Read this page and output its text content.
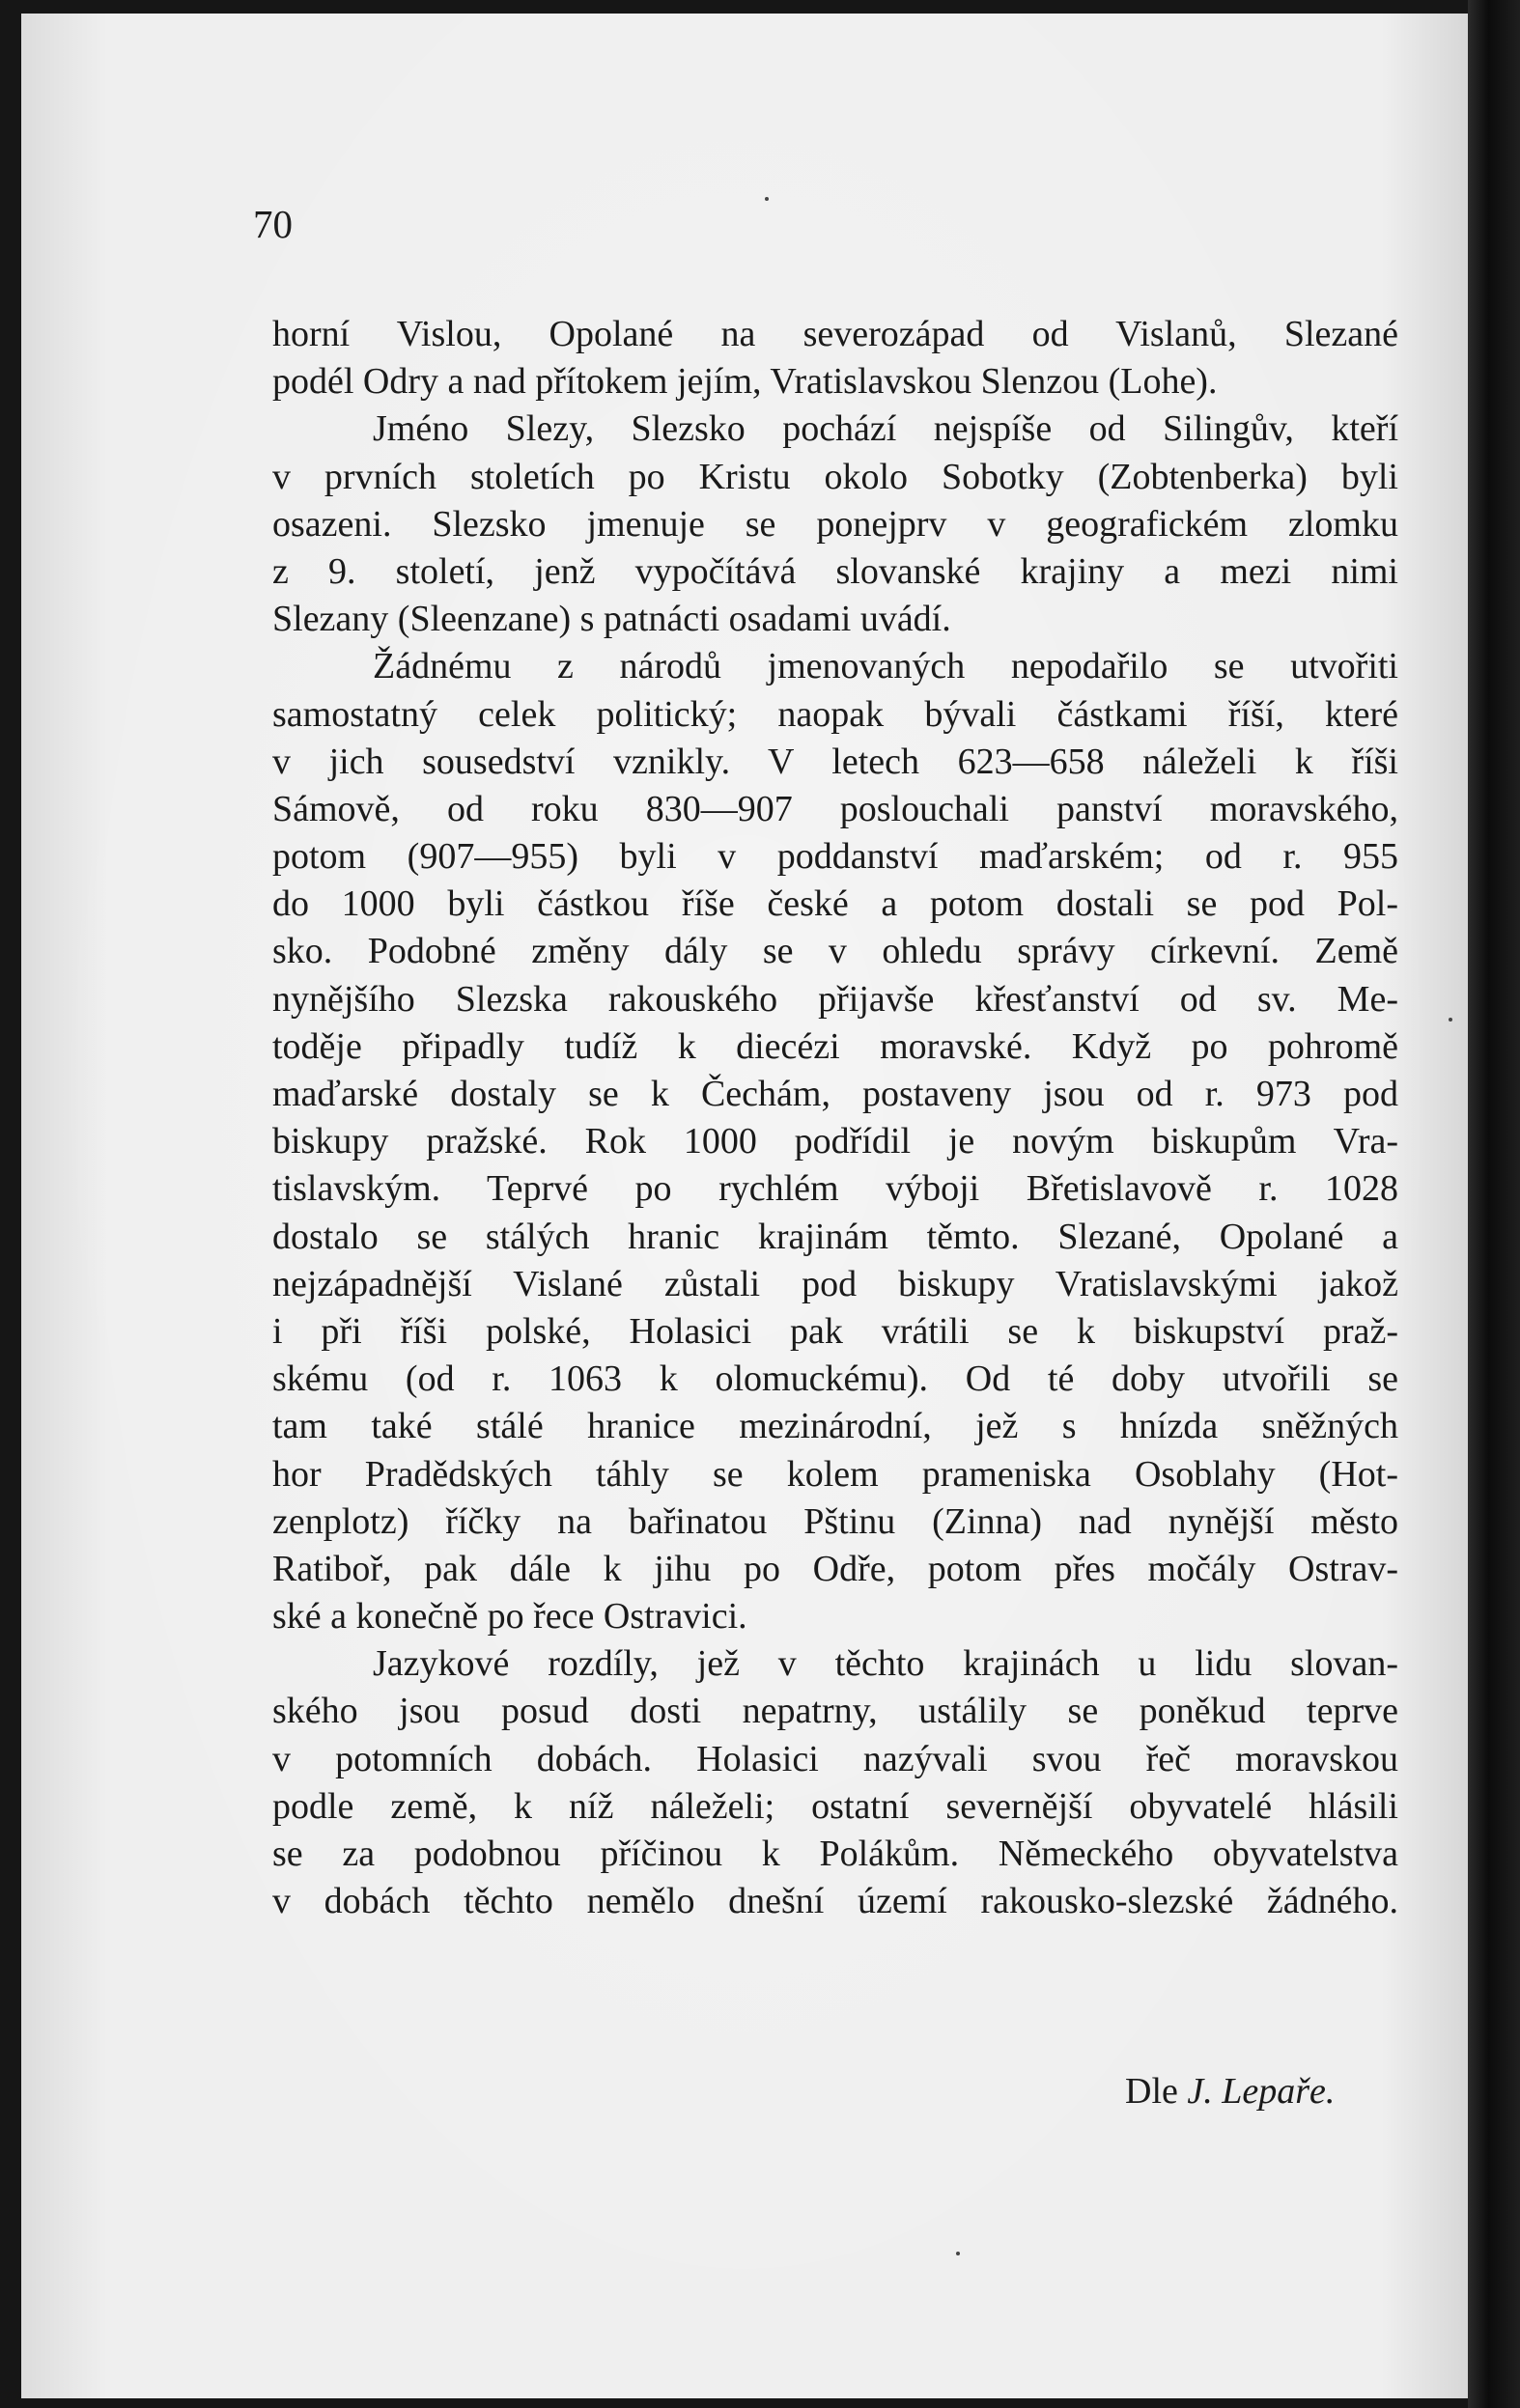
70
horní Vislou, Opolané na severozápad od Vislanů, Slezané
podél Odry a nad přítokem jejím, Vratislavskou Slenzou (Lohe).
Jméno Slezy, Slezsko pochází nejspíše od Silingův, kteří
v prvních stoletích po Kristu okolo Sobotky (Zobtenberka) byli
osazeni. Slezsko jmenuje se ponejprv v geografickém zlomku
z 9. století, jenž vypočítává slovanské krajiny a mezi nimi
Slezany (Sleenzane) s patnácti osadami uvádí.
Žádnému z národů jmenovaných nepodařilo se utvořiti
samostatný celek politický; naopak bývali částkami říší, které
v jich sousedství vznikly. V letech 623—658 náleželi k říši
Sámově, od roku 830—907 poslouchali panství moravského,
potom (907—955) byli v poddanství maďarském; od r. 955
do 1000 byli částkou říše české a potom dostali se pod Pol-
sko. Podobné změny dály se v ohledu správy církevní. Země
nynějšího Slezska rakouského přijavše křesťanství od sv. Me-
toděje připadly tudíž k diecézi moravské. Když po pohromě
maďarské dostaly se k Čechám, postaveny jsou od r. 973 pod
biskupy pražské. Rok 1000 podřídil je novým biskupům Vra-
tislavským. Teprvé po rychlém výboji Břetislavově r. 1028
dostalo se stálých hranic krajinám těmto. Slezané, Opolané a
nejzápadnější Vislané zůstali pod biskupy Vratislavskými jakož
i při říši polské, Holasici pak vrátili se k biskupství praž-
skému (od r. 1063 k olomuckému). Od té doby utvořili se
tam také stálé hranice mezinárodní, jež s hnízda sněžných
hor Pradědských táhly se kolem prameniska Osoblahy (Hot-
zenplotz) říčky na bařinatou Pštinu (Zinna) nad nynější město
Ratiboř, pak dále k jihu po Odře, potom přes močály Ostrav-
ské a konečně po řece Ostravici.
Jazykové rozdíly, jež v těchto krajinách u lidu slovan-
ského jsou posud dosti nepatrny, ustálily se poněkud teprve
v potomních dobách. Holasici nazývali svou řeč moravskou
podle země, k níž náleželi; ostatní severnější obyvatelé hlásili
se za podobnou příčinou k Polákům. Německého obyvatelstva
v dobách těchto nemělo dnešní území rakousko-slezské žádného.
Dle J. Lepaře.
